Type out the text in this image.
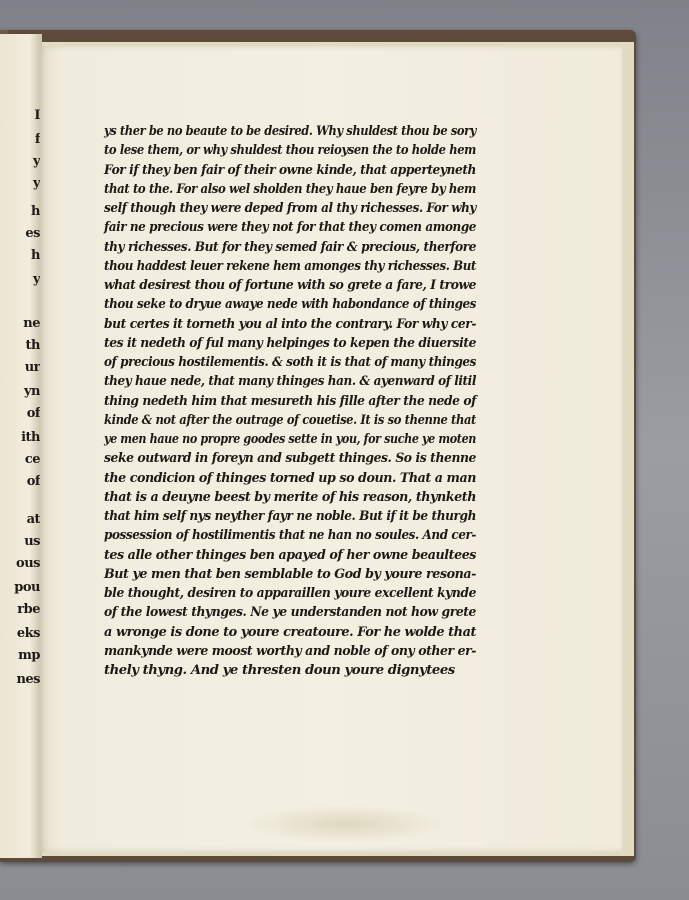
I
f
y
y
h
es
h
y
ne
th
ur
yn
of
ith
ce
of
at
us
ous
pou
rbe
eks
mp
nes
ys ther be no beaute to be desired. Why shuldest thou be sory
to lese them, or why shuldest thou reioysen the to holde hem
For if they ben fair of their owne kinde, that apperteyneth
that to the. For also wel sholden they haue ben feyre by hem
self though they were deped from al thy richesses. For why
fair ne precious were they not for that they comen amonge
thy richesses. But for they semed fair & precious, therfore
thou haddest leuer rekene hem amonges thy richesses. But
what desirest thou of fortune with so grete a fare, I trowe
thou seke to dryue awaye nede with habondance of thinges
but certes it torneth you al into the contrary. For why cer-
tes it nedeth of ful many helpinges to kepen the diuersite
of precious hostilementis. & soth it is that of many thinges
they haue nede, that many thinges han. & ayenward of litil
thing nedeth him that mesureth his fille after the nede of
kinde & not after the outrage of couetise. It is so thenne that
ye men haue no propre goodes sette in you, for suche ye moten
seke outward in foreyn and subgett thinges. So is thenne
the condicion of thinges torned up so doun. That a man
that is a deuyne beest by merite of his reason, thynketh
that him self nys neyther fayr ne noble. But if it be thurgh
possession of hostilimentis that ne han no soules. And cer-
tes alle other thinges ben apayed of her owne beaultees
But ye men that ben semblable to God by youre resona-
ble thought, desiren to apparaillen youre excellent kynde
of the lowest thynges. Ne ye understanden not how grete
a wronge is done to youre creatoure. For he wolde that
mankynde were moost worthy and noble of ony other er-
thely thyng. And ye thresten doun youre dignytees
